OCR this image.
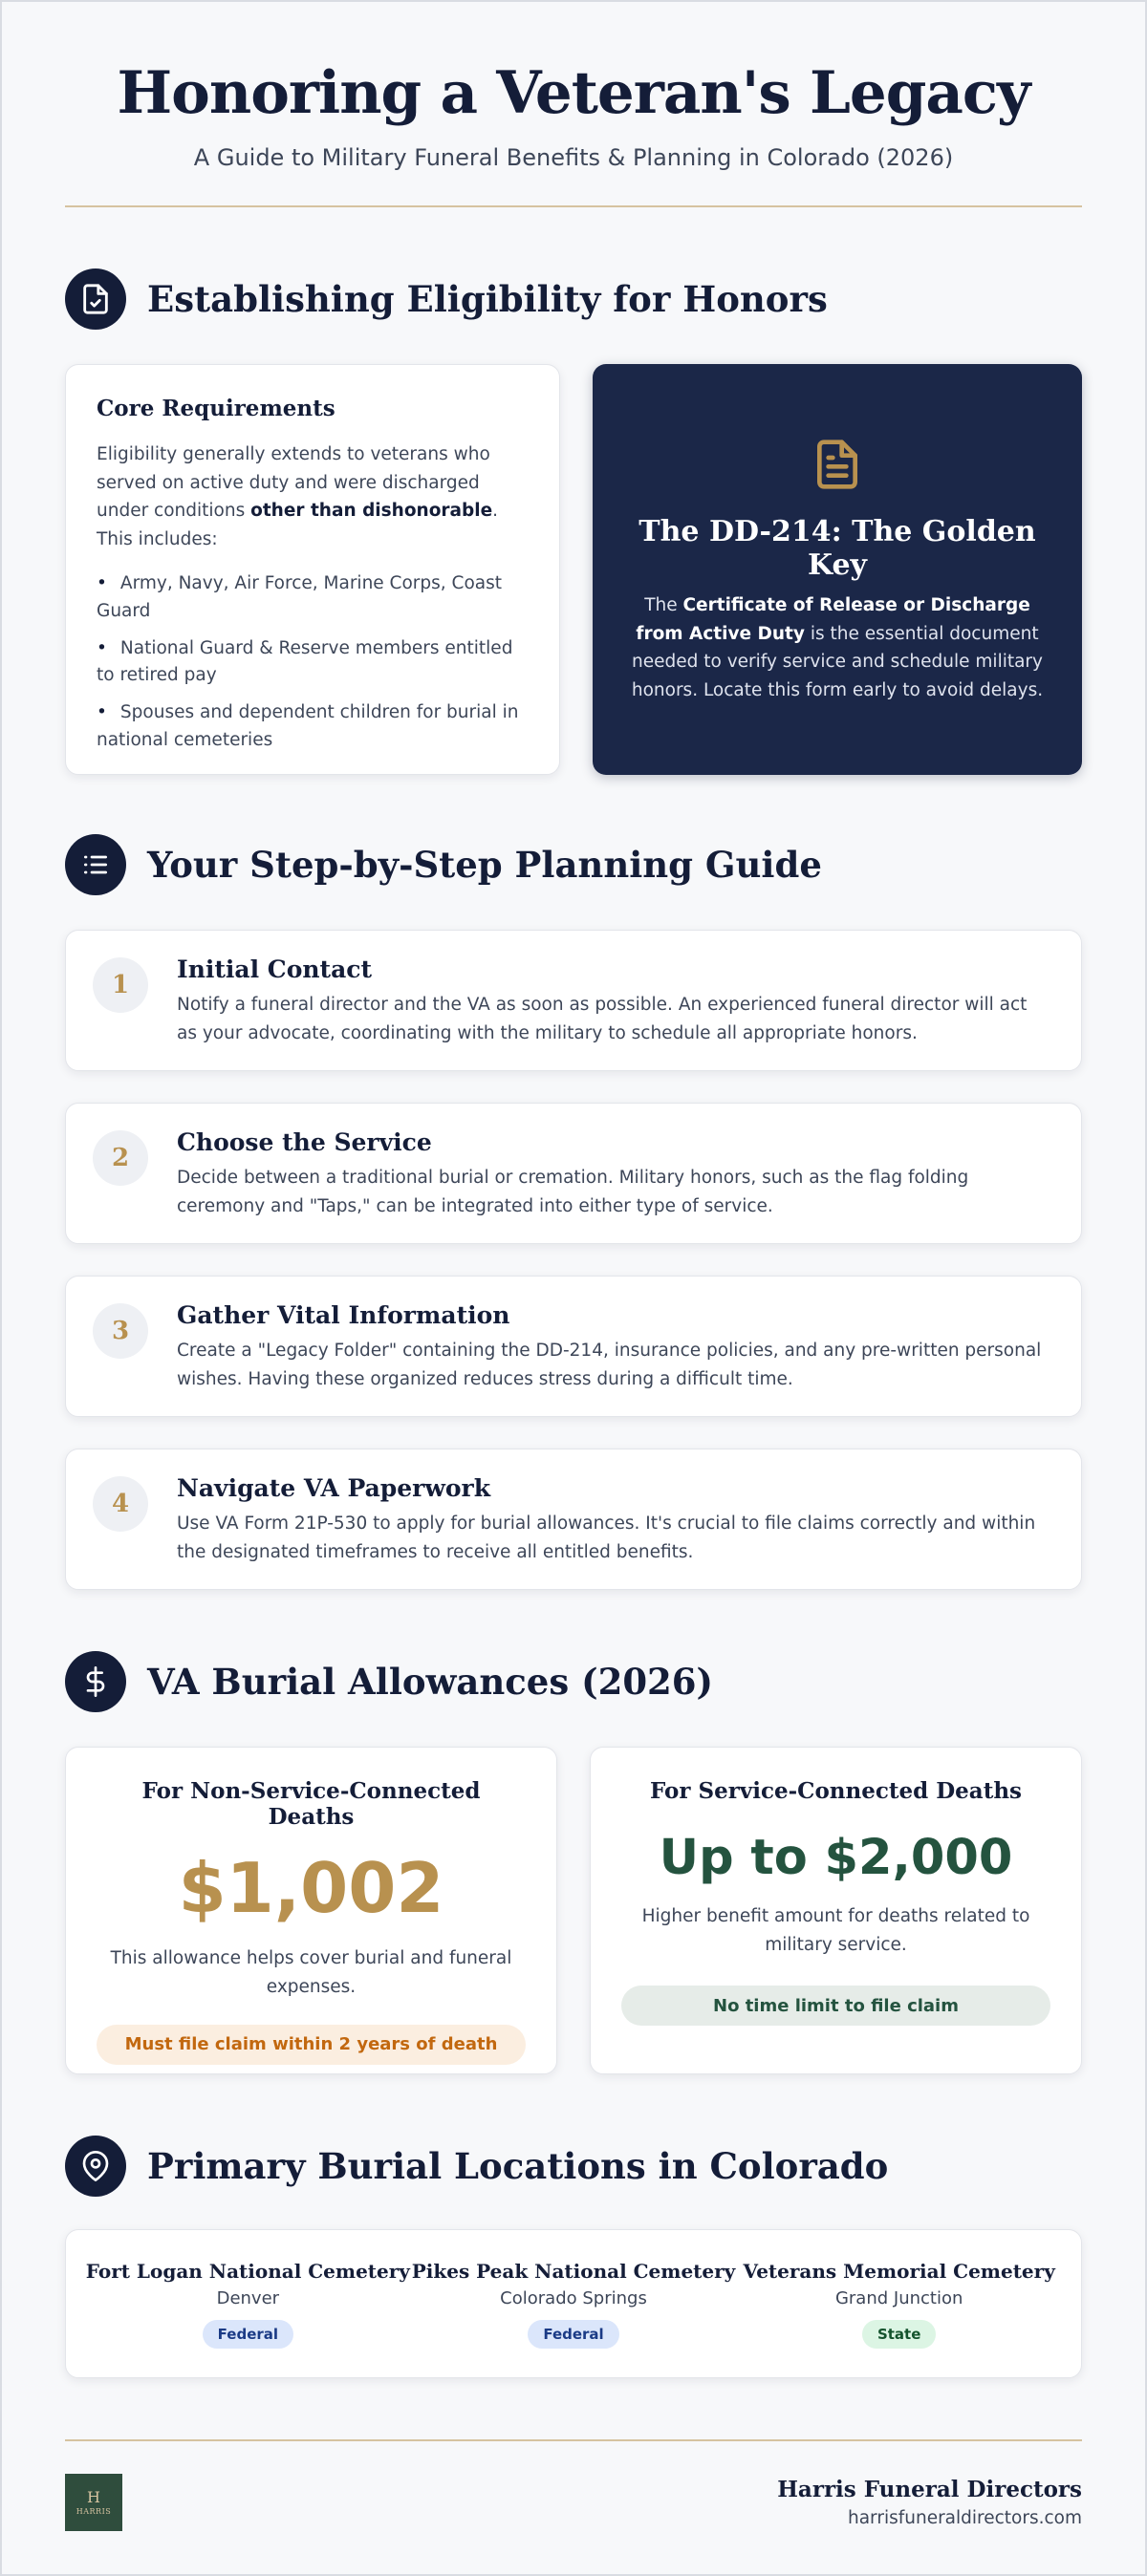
Honoring a Veteran's Legacy
A Guide to Military Funeral Benefits & Planning in Colorado (2026)
Establishing Eligibility for Honors
Core Requirements

Eligibility generally extends to veterans who served on active duty and were discharged under conditions other than dishonorable. This includes:

• Army, Navy, Air Force, Marine Corps, Coast Guard
• National Guard & Reserve members entitled to retired pay
• Spouses and dependent children for burial in national cemeteries
The DD-214: The Golden Key

The Certificate of Release or Discharge from Active Duty is the essential document needed to verify service and schedule military honors. Locate this form early to avoid delays.

Your Step-by-Step Planning Guide
1
Initial Contact

Notify a funeral director and the VA as soon as possible. An experienced funeral director will act as your advocate, coordinating with the military to schedule all appropriate honors.

2
Choose the Service

Decide between a traditional burial or cremation. Military honors, such as the flag folding ceremony and "Taps," can be integrated into either type of service.

3
Gather Vital Information

Create a "Legacy Folder" containing the DD-214, insurance policies, and any pre-written personal wishes. Having these organized reduces stress during a difficult time.

4
Navigate VA Paperwork

Use VA Form 21P-530 to apply for burial allowances. It's crucial to file claims correctly and within the designated timeframes to receive all entitled benefits.

VA Burial Allowances (2026)
For Non-Service-Connected Deaths
$1,002

This allowance helps cover burial and funeral expenses.

Must file claim within 2 years of death
For Service-Connected Deaths
Up to $2,000

Higher benefit amount for deaths related to military service.

No time limit to file claim
Primary Burial Locations in Colorado
Fort Logan National Cemetery
Denver
Federal
Pikes Peak National Cemetery
Colorado Springs
Federal
Veterans Memorial Cemetery
Grand Junction
State
H
HARRIS
Harris Funeral Directors
harrisfuneraldirectors.com
